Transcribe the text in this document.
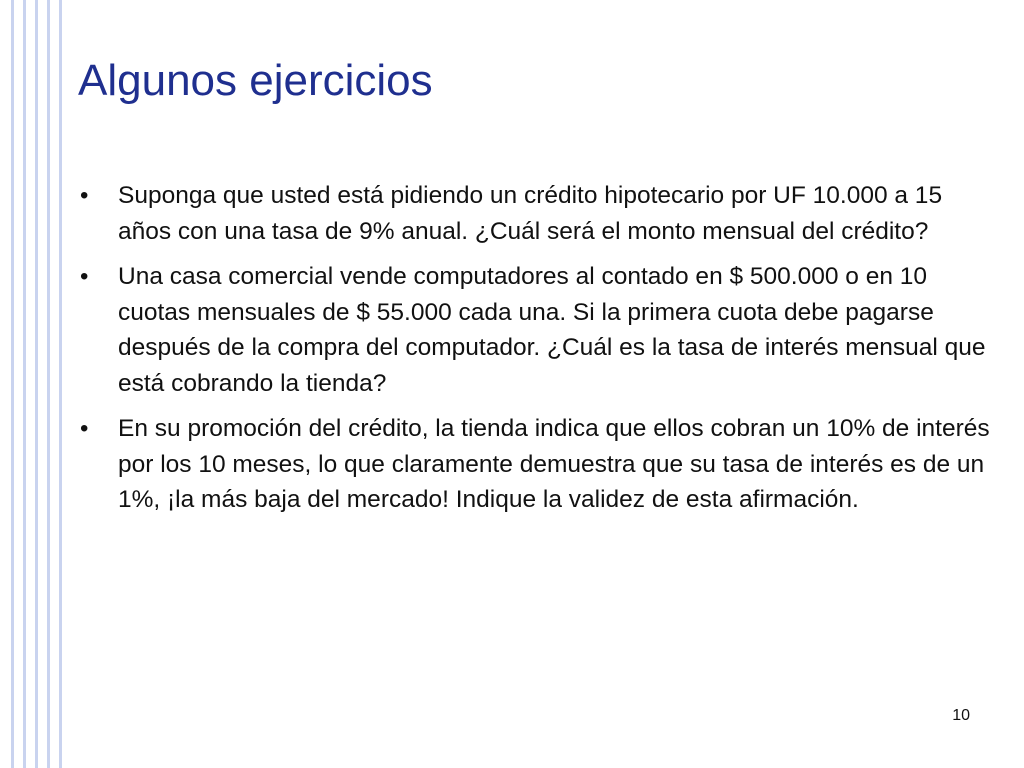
Algunos ejercicios
• Suponga que usted está pidiendo un crédito hipotecario por UF 10.000 a 15 años con una tasa de 9% anual. ¿Cuál será el monto mensual del crédito?
• Una casa comercial vende computadores al contado en $ 500.000 o en 10 cuotas mensuales de $ 55.000 cada una. Si la primera cuota debe pagarse después de la compra del computador. ¿Cuál es la tasa de interés mensual que está cobrando la tienda?
• En su promoción del crédito, la tienda indica que ellos cobran un 10% de interés por los 10 meses, lo que claramente demuestra que su tasa de interés es de un 1%, ¡la más baja del mercado! Indique la validez de esta afirmación.
10
